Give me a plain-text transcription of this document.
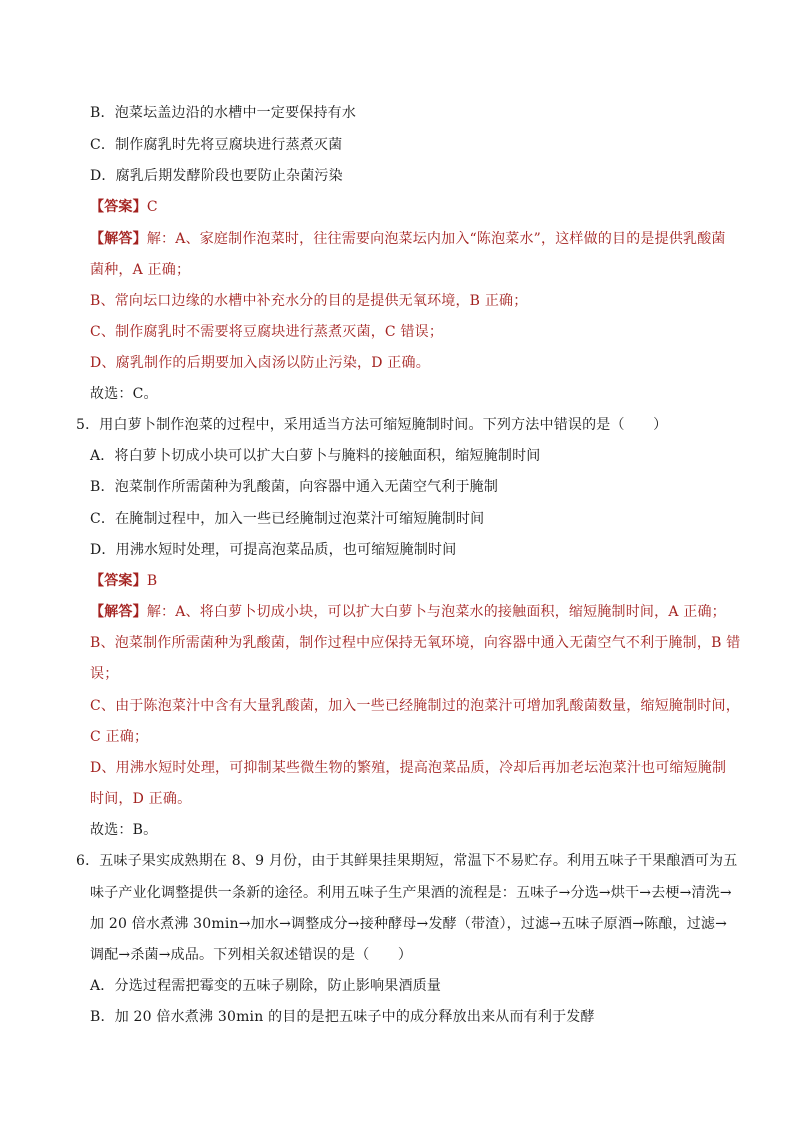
B．泡菜坛盖边沿的水槽中一定要保持有水
C．制作腐乳时先将豆腐块进行蒸煮灭菌
D．腐乳后期发酵阶段也要防止杂菌污染
【答案】C
【解答】解：A、家庭制作泡菜时，往往需要向泡菜坛内加入“陈泡菜水”，这样做的目的是提供乳酸菌
菌种，A 正确；
B、常向坛口边缘的水槽中补充水分的目的是提供无氧环境，B 正确；
C、制作腐乳时不需要将豆腐块进行蒸煮灭菌，C 错误；
D、腐乳制作的后期要加入卤汤以防止污染，D 正确。
故选：C。
5．用白萝卜制作泡菜的过程中，采用适当方法可缩短腌制时间。下列方法中错误的是（　　）
A．将白萝卜切成小块可以扩大白萝卜与腌料的接触面积，缩短腌制时间
B．泡菜制作所需菌种为乳酸菌，向容器中通入无菌空气利于腌制
C．在腌制过程中，加入一些已经腌制过泡菜汁可缩短腌制时间
D．用沸水短时处理，可提高泡菜品质，也可缩短腌制时间
【答案】B
【解答】解：A、将白萝卜切成小块，可以扩大白萝卜与泡菜水的接触面积，缩短腌制时间，A 正确；
B、泡菜制作所需菌种为乳酸菌，制作过程中应保持无氧环境，向容器中通入无菌空气不利于腌制，B 错
误；
C、由于陈泡菜汁中含有大量乳酸菌，加入一些已经腌制过的泡菜汁可增加乳酸菌数量，缩短腌制时间，
C 正确；
D、用沸水短时处理，可抑制某些微生物的繁殖，提高泡菜品质，冷却后再加老坛泡菜汁也可缩短腌制
时间，D 正确。
故选：B。
6．五味子果实成熟期在 8、9 月份，由于其鲜果挂果期短，常温下不易贮存。利用五味子干果酿酒可为五
味子产业化调整提供一条新的途径。利用五味子生产果酒的流程是：五味子→分选→烘干→去梗→清洗→
加 20 倍水煮沸 30min→加水→调整成分→接种酵母→发酵（带渣），过滤→五味子原酒→陈酿，过滤→
调配→杀菌→成品。下列相关叙述错误的是（　　）
A．分选过程需把霉变的五味子剔除，防止影响果酒质量
B．加 20 倍水煮沸 30min 的目的是把五味子中的成分释放出来从而有利于发酵
